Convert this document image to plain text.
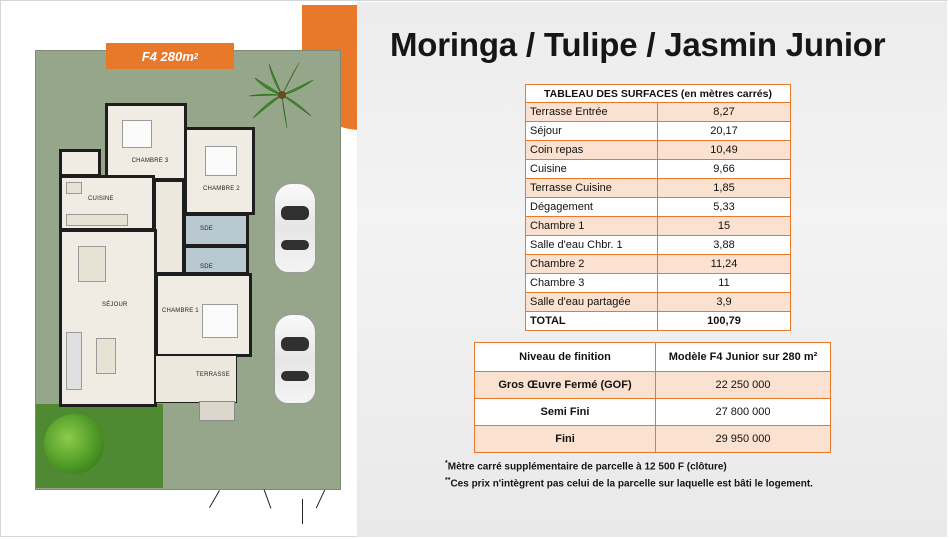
F4 280m 2
CHAMBRE 3
CHAMBRE 2
CUISINE
SDE
SDE
SÉJOUR
CHAMBRE 1
TERRASSE
Moringa / Tulipe / Jasmin Junior
TABLEAU DES SURFACES (en mètres carrés)	
Terrasse Entrée	8,27
Séjour	20,17
Coin repas	10,49
Cuisine	9,66
Terrasse Cuisine	1,85
Dégagement	5,33
Chambre 1	15
Salle d'eau Chbr. 1	3,88
Chambre 2	11,24
Chambre 3	11
Salle d'eau partagée	3,9
TOTAL	100,79
Niveau de finition	Modèle F4 Junior sur 280 m²
Gros Œuvre Fermé (GOF)	22 250 000
Semi Fini	27 800 000
Fini	29 950 000
*Mètre carré supplémentaire de parcelle à 12 500 F (clôture)
**Ces prix n'intègrent pas celui de la parcelle sur laquelle est bâti le logement.
